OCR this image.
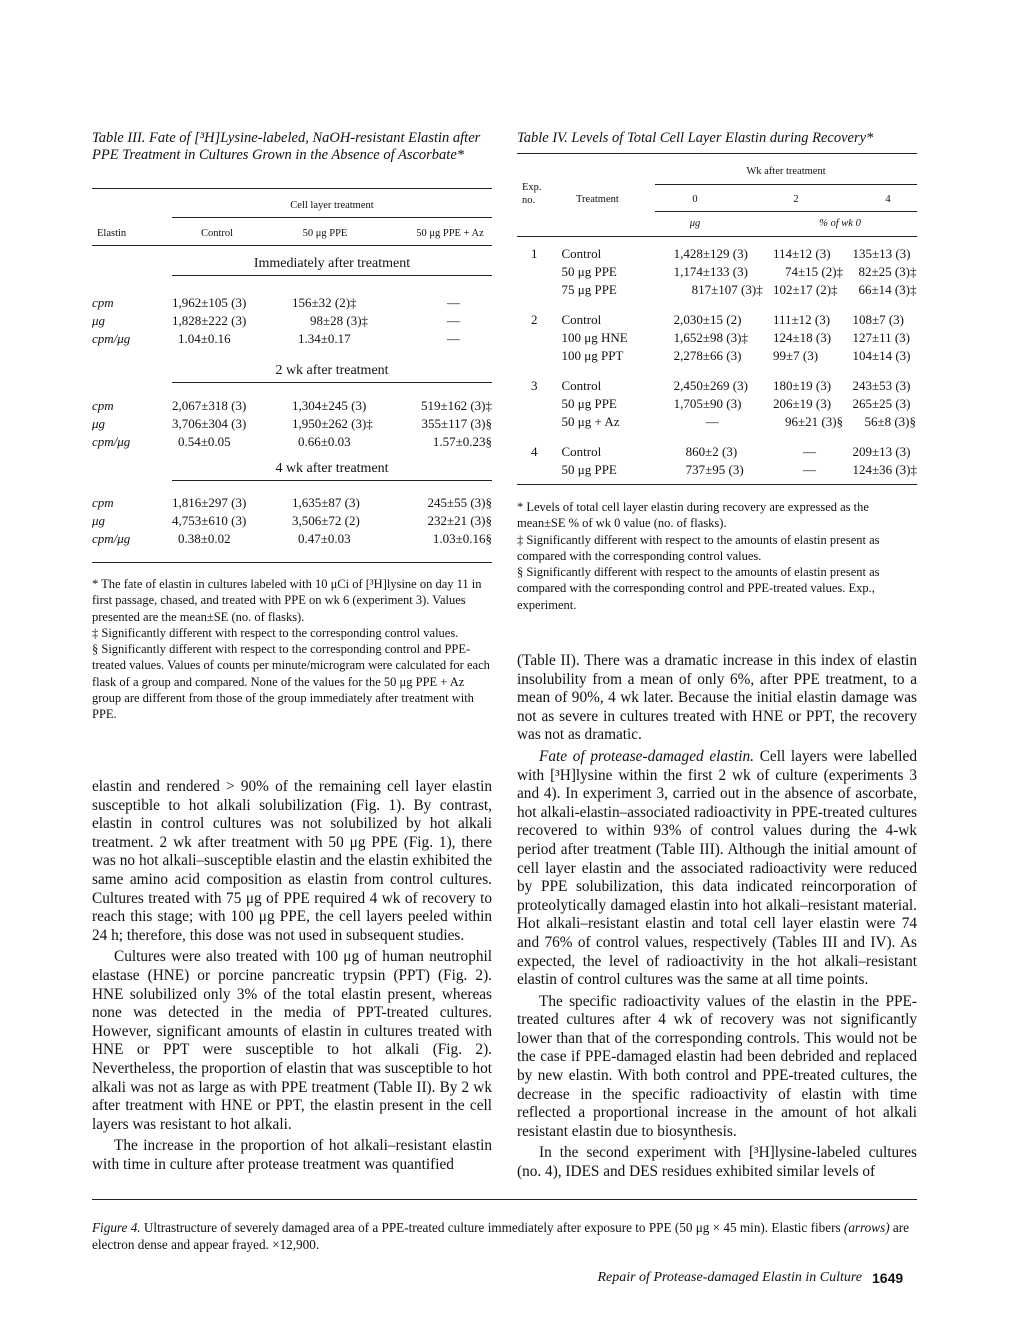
Table III. Fate of [³H]Lysine-labeled, NaOH-resistant Elastin after PPE Treatment in Cultures Grown in the Absence of Ascorbate*
Cell layer treatment
Elastin	Control	50 μg PPE	50 μg PPE + Az
Immediately after treatment
cpm	1,962±105 (3)	156±32 (2)‡	—
μg	1,828±222 (3)	98±28 (3)‡	—
cpm/μg	1.04±0.16	1.34±0.17	—
2 wk after treatment
cpm	2,067±318 (3)	1,304±245 (3)	519±162 (3)‡
μg	3,706±304 (3)	1,950±262 (3)‡	355±117 (3)§
cpm/μg	0.54±0.05	0.66±0.03	1.57±0.23§
4 wk after treatment
cpm	1,816±297 (3)	1,635±87 (3)	245±55 (3)§
μg	4,753±610 (3)	3,506±72 (2)	232±21 (3)§
cpm/μg	0.38±0.02	0.47±0.03	1.03±0.16§

* The fate of elastin in cultures labeled with 10 μCi of [³H]lysine on day 11 in first passage, chased, and treated with PPE on wk 6 (experiment 3). Values presented are the mean±SE (no. of flasks).

‡ Significantly different with respect to the corresponding control values.

§ Significantly different with respect to the corresponding control and PPE-treated values. Values of counts per minute/microgram were calculated for each flask of a group and compared. None of the values for the 50 μg PPE + Az group are different from those of the group immediately after treatment with PPE.

Table IV. Levels of Total Cell Layer Elastin during Recovery*
Wk after treatment
Exp. no.	Treatment	0	2	4
μg	% of wk 0
1	Control	1,428±129 (3)	114±12 (3)	135±13 (3)
	50 μg PPE	1,174±133 (3)	74±15 (2)‡	82±25 (3)‡
	75 μg PPE	817±107 (3)‡	102±17 (2)‡	66±14 (3)‡

2	Control	2,030±15 (2)	111±12 (3)	108±7 (3)
	100 μg HNE	1,652±98 (3)‡	124±18 (3)	127±11 (3)
	100 μg PPT	2,278±66 (3)	99±7 (3)	104±14 (3)

3	Control	2,450±269 (3)	180±19 (3)	243±53 (3)
	50 μg PPE	1,705±90 (3)	206±19 (3)	265±25 (3)
	50 μg + Az	—	96±21 (3)§	56±8 (3)§

4	Control	860±2 (3)	—	209±13 (3)
	50 μg PPE	737±95 (3)	—	124±36 (3)‡

* Levels of total cell layer elastin during recovery are expressed as the mean±SE % of wk 0 value (no. of flasks).

‡ Significantly different with respect to the amounts of elastin present as compared with the corresponding control values.

§ Significantly different with respect to the amounts of elastin present as compared with the corresponding control and PPE-treated values. Exp., experiment.

elastin and rendered > 90% of the remaining cell layer elastin susceptible to hot alkali solubilization (Fig. 1). By contrast, elastin in control cultures was not solubilized by hot alkali treatment. 2 wk after treatment with 50 μg PPE (Fig. 1), there was no hot alkali–susceptible elastin and the elastin exhibited the same amino acid composition as elastin from control cultures. Cultures treated with 75 μg of PPE required 4 wk of recovery to reach this stage; with 100 μg PPE, the cell layers peeled within 24 h; therefore, this dose was not used in subsequent studies.

Cultures were also treated with 100 μg of human neutrophil elastase (HNE) or porcine pancreatic trypsin (PPT) (Fig. 2). HNE solubilized only 3% of the total elastin present, whereas none was detected in the media of PPT-treated cultures. However, significant amounts of elastin in cultures treated with HNE or PPT were susceptible to hot alkali (Fig. 2). Nevertheless, the proportion of elastin that was susceptible to hot alkali was not as large as with PPE treatment (Table II). By 2 wk after treatment with HNE or PPT, the elastin present in the cell layers was resistant to hot alkali.

The increase in the proportion of hot alkali–resistant elastin with time in culture after protease treatment was quantified

(Table II). There was a dramatic increase in this index of elastin insolubility from a mean of only 6%, after PPE treatment, to a mean of 90%, 4 wk later. Because the initial elastin damage was not as severe in cultures treated with HNE or PPT, the recovery was not as dramatic.

Fate of protease-damaged elastin. Cell layers were labelled with [³H]lysine within the first 2 wk of culture (experiments 3 and 4). In experiment 3, carried out in the absence of ascorbate, hot alkali-elastin–associated radioactivity in PPE-treated cultures recovered to within 93% of control values during the 4-wk period after treatment (Table III). Although the initial amount of cell layer elastin and the associated radioactivity were reduced by PPE solubilization, this data indicated reincorporation of proteolytically damaged elastin into hot alkali–resistant material. Hot alkali–resistant elastin and total cell layer elastin were 74 and 76% of control values, respectively (Tables III and IV). As expected, the level of radioactivity in the hot alkali–resistant elastin of control cultures was the same at all time points.

The specific radioactivity values of the elastin in the PPE-treated cultures after 4 wk of recovery was not significantly lower than that of the corresponding controls. This would not be the case if PPE-damaged elastin had been debrided and replaced by new elastin. With both control and PPE-treated cultures, the decrease in the specific radioactivity of elastin with time reflected a proportional increase in the amount of hot alkali resistant elastin due to biosynthesis.

In the second experiment with [³H]lysine-labeled cultures (no. 4), IDES and DES residues exhibited similar levels of

Figure 4. Ultrastructure of severely damaged area of a PPE-treated culture immediately after exposure to PPE (50 μg × 45 min). Elastic fibers (arrows) are electron dense and appear frayed. ×12,900.
Repair of Protease-damaged Elastin in Culture 1649
